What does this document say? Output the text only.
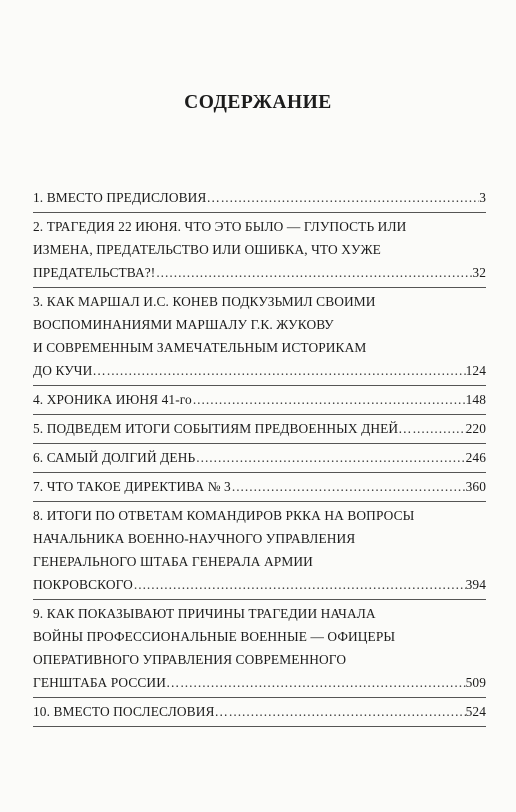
СОДЕРЖАНИЕ
1. ВМЕСТО ПРЕДИСЛОВИЯ… .....	3
2. ТРАГЕДИЯ 22 ИЮНЯ. ЧТО ЭТО БЫЛО — ГЛУПОСТЬ ИЛИ
ИЗМЕНА, ПРЕДАТЕЛЬСТВО ИЛИ ОШИБКА, ЧТО ХУЖЕ
ПРЕДАТЕЛЬСТВА?! .....	32
3. КАК МАРШАЛ И.С. КОНЕВ ПОДКУЗЬМИЛ СВОИМИ
ВОСПОМИНАНИЯМИ МАРШАЛУ Г.К. ЖУКОВУ
И СОВРЕМЕННЫМ ЗАМЕЧАТЕЛЬНЫМ ИСТОРИКАМ
ДО КУЧИ… .....	124
4. ХРОНИКА ИЮНЯ 41-го .....	148
5. ПОДВЕДЕМ ИТОГИ СОБЫТИЯМ ПРЕДВОЕННЫХ ДНЕЙ… .....	220
6. САМЫЙ ДОЛГИЙ ДЕНЬ .....	246
7. ЧТО ТАКОЕ ДИРЕКТИВА № 3 .....	360
8. ИТОГИ ПО ОТВЕТАМ КОМАНДИРОВ РККА НА ВОПРОСЫ
НАЧАЛЬНИКА ВОЕННО-НАУЧНОГО УПРАВЛЕНИЯ
ГЕНЕРАЛЬНОГО ШТАБА ГЕНЕРАЛА АРМИИ
ПОКРОВСКОГО .....	394
9. КАК ПОКАЗЫВАЮТ ПРИЧИНЫ ТРАГЕДИИ НАЧАЛА
ВОЙНЫ ПРОФЕССИОНАЛЬНЫЕ ВОЕННЫЕ — ОФИЦЕРЫ
ОПЕРАТИВНОГО УПРАВЛЕНИЯ СОВРЕМЕННОГО
ГЕНШТАБА РОССИИ… .....	509
10. ВМЕСТО ПОСЛЕСЛОВИЯ… .....	524
